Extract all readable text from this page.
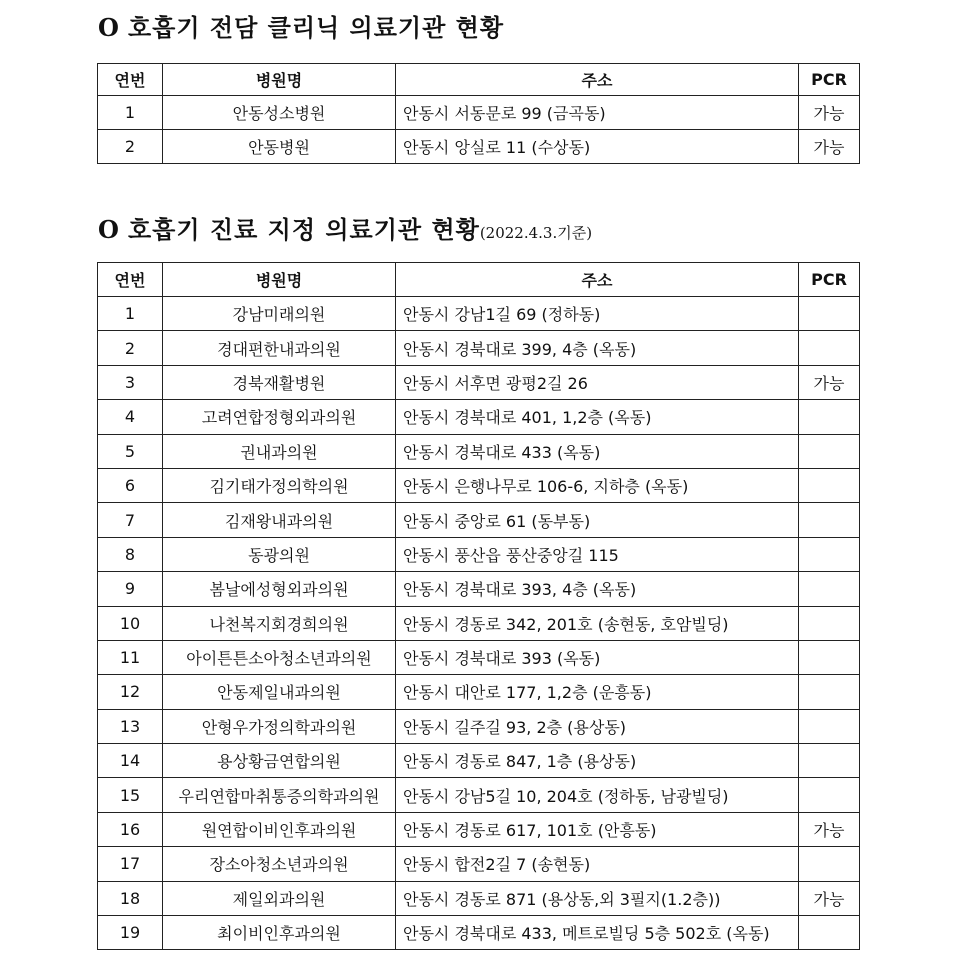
O 호흡기 전담 클리닉 의료기관 현황
연번	병원명	주소	PCR
1	안동성소병원	안동시 서동문로 99 (금곡동)	가능
2	안동병원	안동시 앙실로 11 (수상동)	가능
O 호흡기 진료 지정 의료기관 현황(2022.4.3.기준)
연번	병원명	주소	PCR
1	강남미래의원	안동시 강남1길 69 (정하동)	
2	경대편한내과의원	안동시 경북대로 399, 4층 (옥동)	
3	경북재활병원	안동시 서후면 광평2길 26	가능
4	고려연합정형외과의원	안동시 경북대로 401, 1,2층 (옥동)	
5	권내과의원	안동시 경북대로 433 (옥동)	
6	김기태가정의학의원	안동시 은행나무로 106-6, 지하층 (옥동)	
7	김재왕내과의원	안동시 중앙로 61 (동부동)	
8	동광의원	안동시 풍산읍 풍산중앙길 115	
9	봄날에성형외과의원	안동시 경북대로 393, 4층 (옥동)	
10	나천복지회경희의원	안동시 경동로 342, 201호 (송현동, 호암빌딩)	
11	아이튼튼소아청소년과의원	안동시 경북대로 393 (옥동)	
12	안동제일내과의원	안동시 대안로 177, 1,2층 (운흥동)	
13	안형우가정의학과의원	안동시 길주길 93, 2층 (용상동)	
14	용상황금연합의원	안동시 경동로 847, 1층 (용상동)	
15	우리연합마취통증의학과의원	안동시 강남5길 10, 204호 (정하동, 남광빌딩)	
16	원연합이비인후과의원	안동시 경동로 617, 101호 (안흥동)	가능
17	장소아청소년과의원	안동시 합전2길 7 (송현동)	
18	제일외과의원	안동시 경동로 871 (용상동,외 3필지(1.2층))	가능
19	최이비인후과의원	안동시 경북대로 433, 메트로빌딩 5층 502호 (옥동)	
